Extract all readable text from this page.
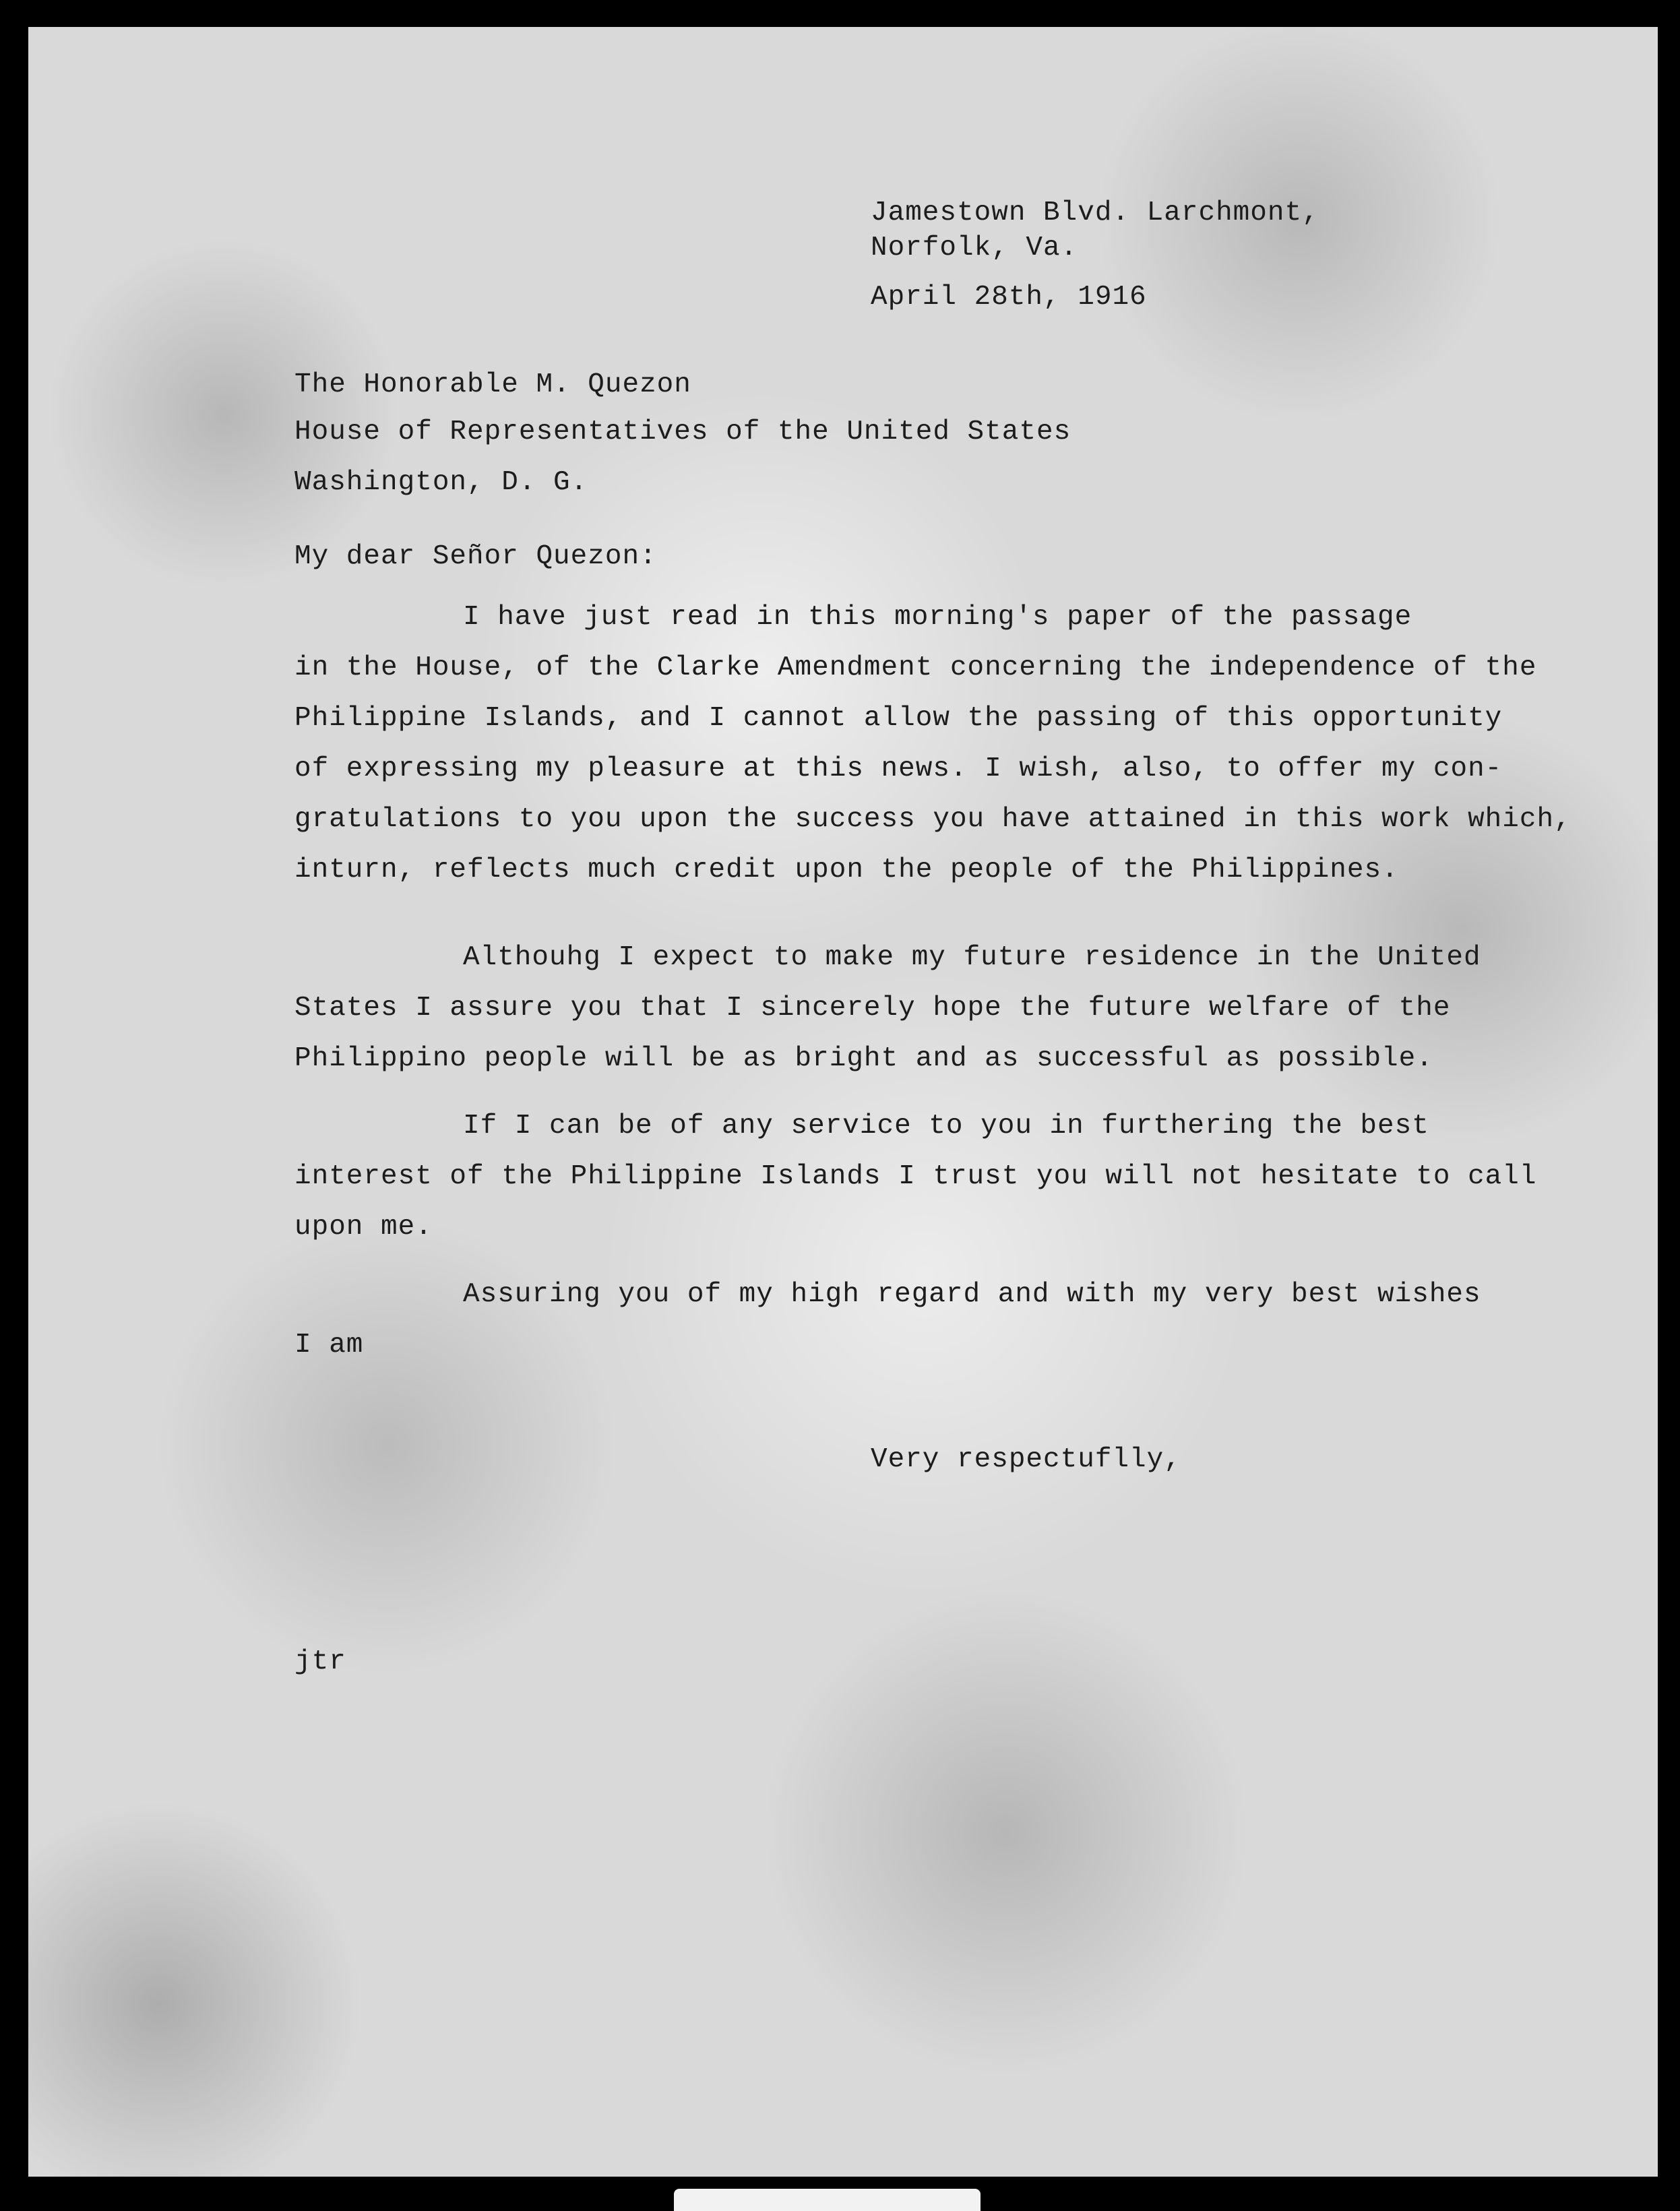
Jamestown Blvd. Larchmont,
Norfolk, Va.
April 28th, 1916
The Honorable M. Quezon
House of Representatives of the United States
Washington, D. G.
My dear Señor Quezon:
I have just read in this morning's paper of the passage
in the House, of the Clarke Amendment concerning the independence of the
Philippine Islands, and I cannot allow the passing of this opportunity
of expressing my pleasure at this news. I wish, also, to offer my con-
gratulations to you upon the success you have attained in this work which,
inturn, reflects much credit upon the people of the Philippines.
Althouhg I expect to make my future residence in the United
States I assure you that I sincerely hope the future welfare of the
Philippino people will be as bright and as successful as possible.
If I can be of any service to you in furthering the best
interest of the Philippine Islands I trust you will not hesitate to call
upon me.
Assuring you of my high regard and with my very best wishes
I am
Very respectuflly,
jtr
